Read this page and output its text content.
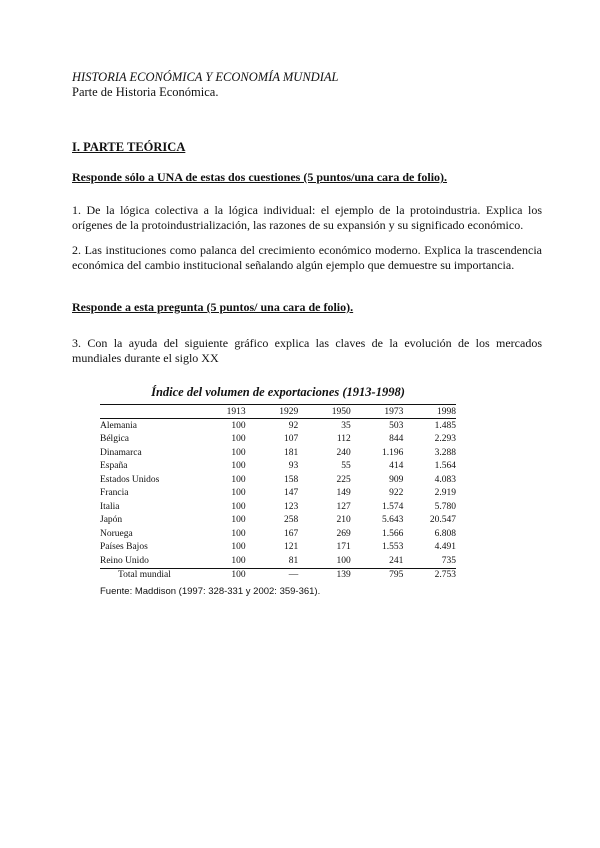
HISTORIA ECONÓMICA Y ECONOMÍA MUNDIAL
Parte de Historia Económica.
I. PARTE TEÓRICA
Responde sólo a UNA de estas dos cuestiones (5 puntos/una cara de folio).
1. De la lógica colectiva a la lógica individual: el ejemplo de la protoindustria. Explica los orígenes de la protoindustrialización, las razones de su expansión y su significado económico.
2. Las instituciones como palanca del crecimiento económico moderno. Explica la trascendencia económica del cambio institucional señalando algún ejemplo que demuestre su importancia.
Responde a esta pregunta (5 puntos/ una cara de folio).
3. Con la ayuda del siguiente gráfico explica las claves de la evolución de los mercados mundiales durante el siglo XX
Índice del volumen de exportaciones (1913-1998)
	1913	1929	1950	1973	1998
Alemania	100	92	35	503	1.485
Bélgica	100	107	112	844	2.293
Dinamarca	100	181	240	1.196	3.288
España	100	93	55	414	1.564
Estados Unidos	100	158	225	909	4.083
Francia	100	147	149	922	2.919
Italia	100	123	127	1.574	5.780
Japón	100	258	210	5.643	20.547
Noruega	100	167	269	1.566	6.808
Países Bajos	100	121	171	1.553	4.491
Reino Unido	100	81	100	241	735
Total mundial	100	—	139	795	2.753
Fuente: Maddison (1997: 328-331 y 2002: 359-361).
